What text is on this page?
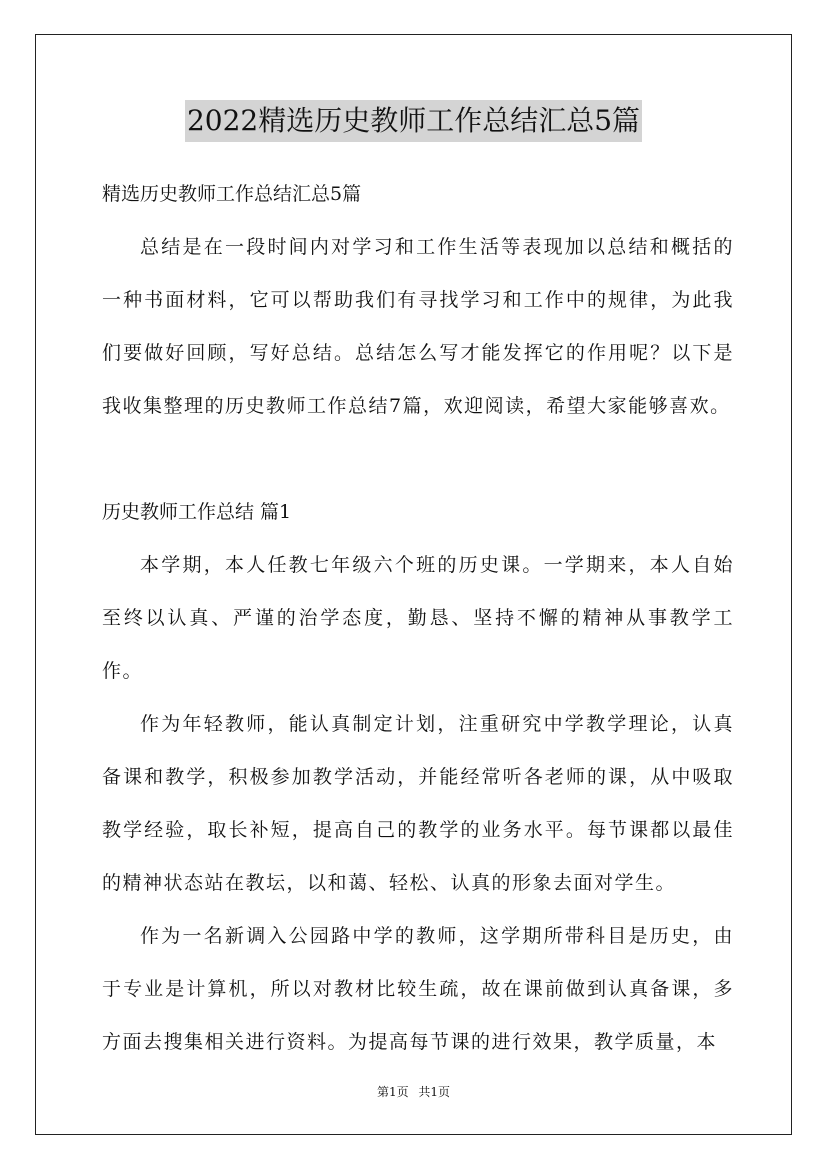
2022精选历史教师工作总结汇总5篇

精选历史教师工作总结汇总5篇

总结是在一段时间内对学习和工作生活等表现加以总结和概括的一种书面材料，它可以帮助我们有寻找学习和工作中的规律，为此我们要做好回顾，写好总结。总结怎么写才能发挥它的作用呢？以下是我收集整理的历史教师工作总结7篇，欢迎阅读，希望大家能够喜欢。

历史教师工作总结 篇1

本学期，本人任教七年级六个班的历史课。一学期来，本人自始至终以认真、严谨的治学态度，勤恳、坚持不懈的精神从事教学工作。

作为年轻教师，能认真制定计划，注重研究中学教学理论，认真备课和教学，积极参加教学活动，并能经常听各老师的课，从中吸取教学经验，取长补短，提高自己的教学的业务水平。每节课都以最佳的精神状态站在教坛，以和蔼、轻松、认真的形象去面对学生。

作为一名新调入公园路中学的教师，这学期所带科目是历史，由于专业是计算机，所以对教材比较生疏，故在课前做到认真备课，多方面去搜集相关进行资料。为提高每节课的进行效果，教学质量，本

第1页 共1页
